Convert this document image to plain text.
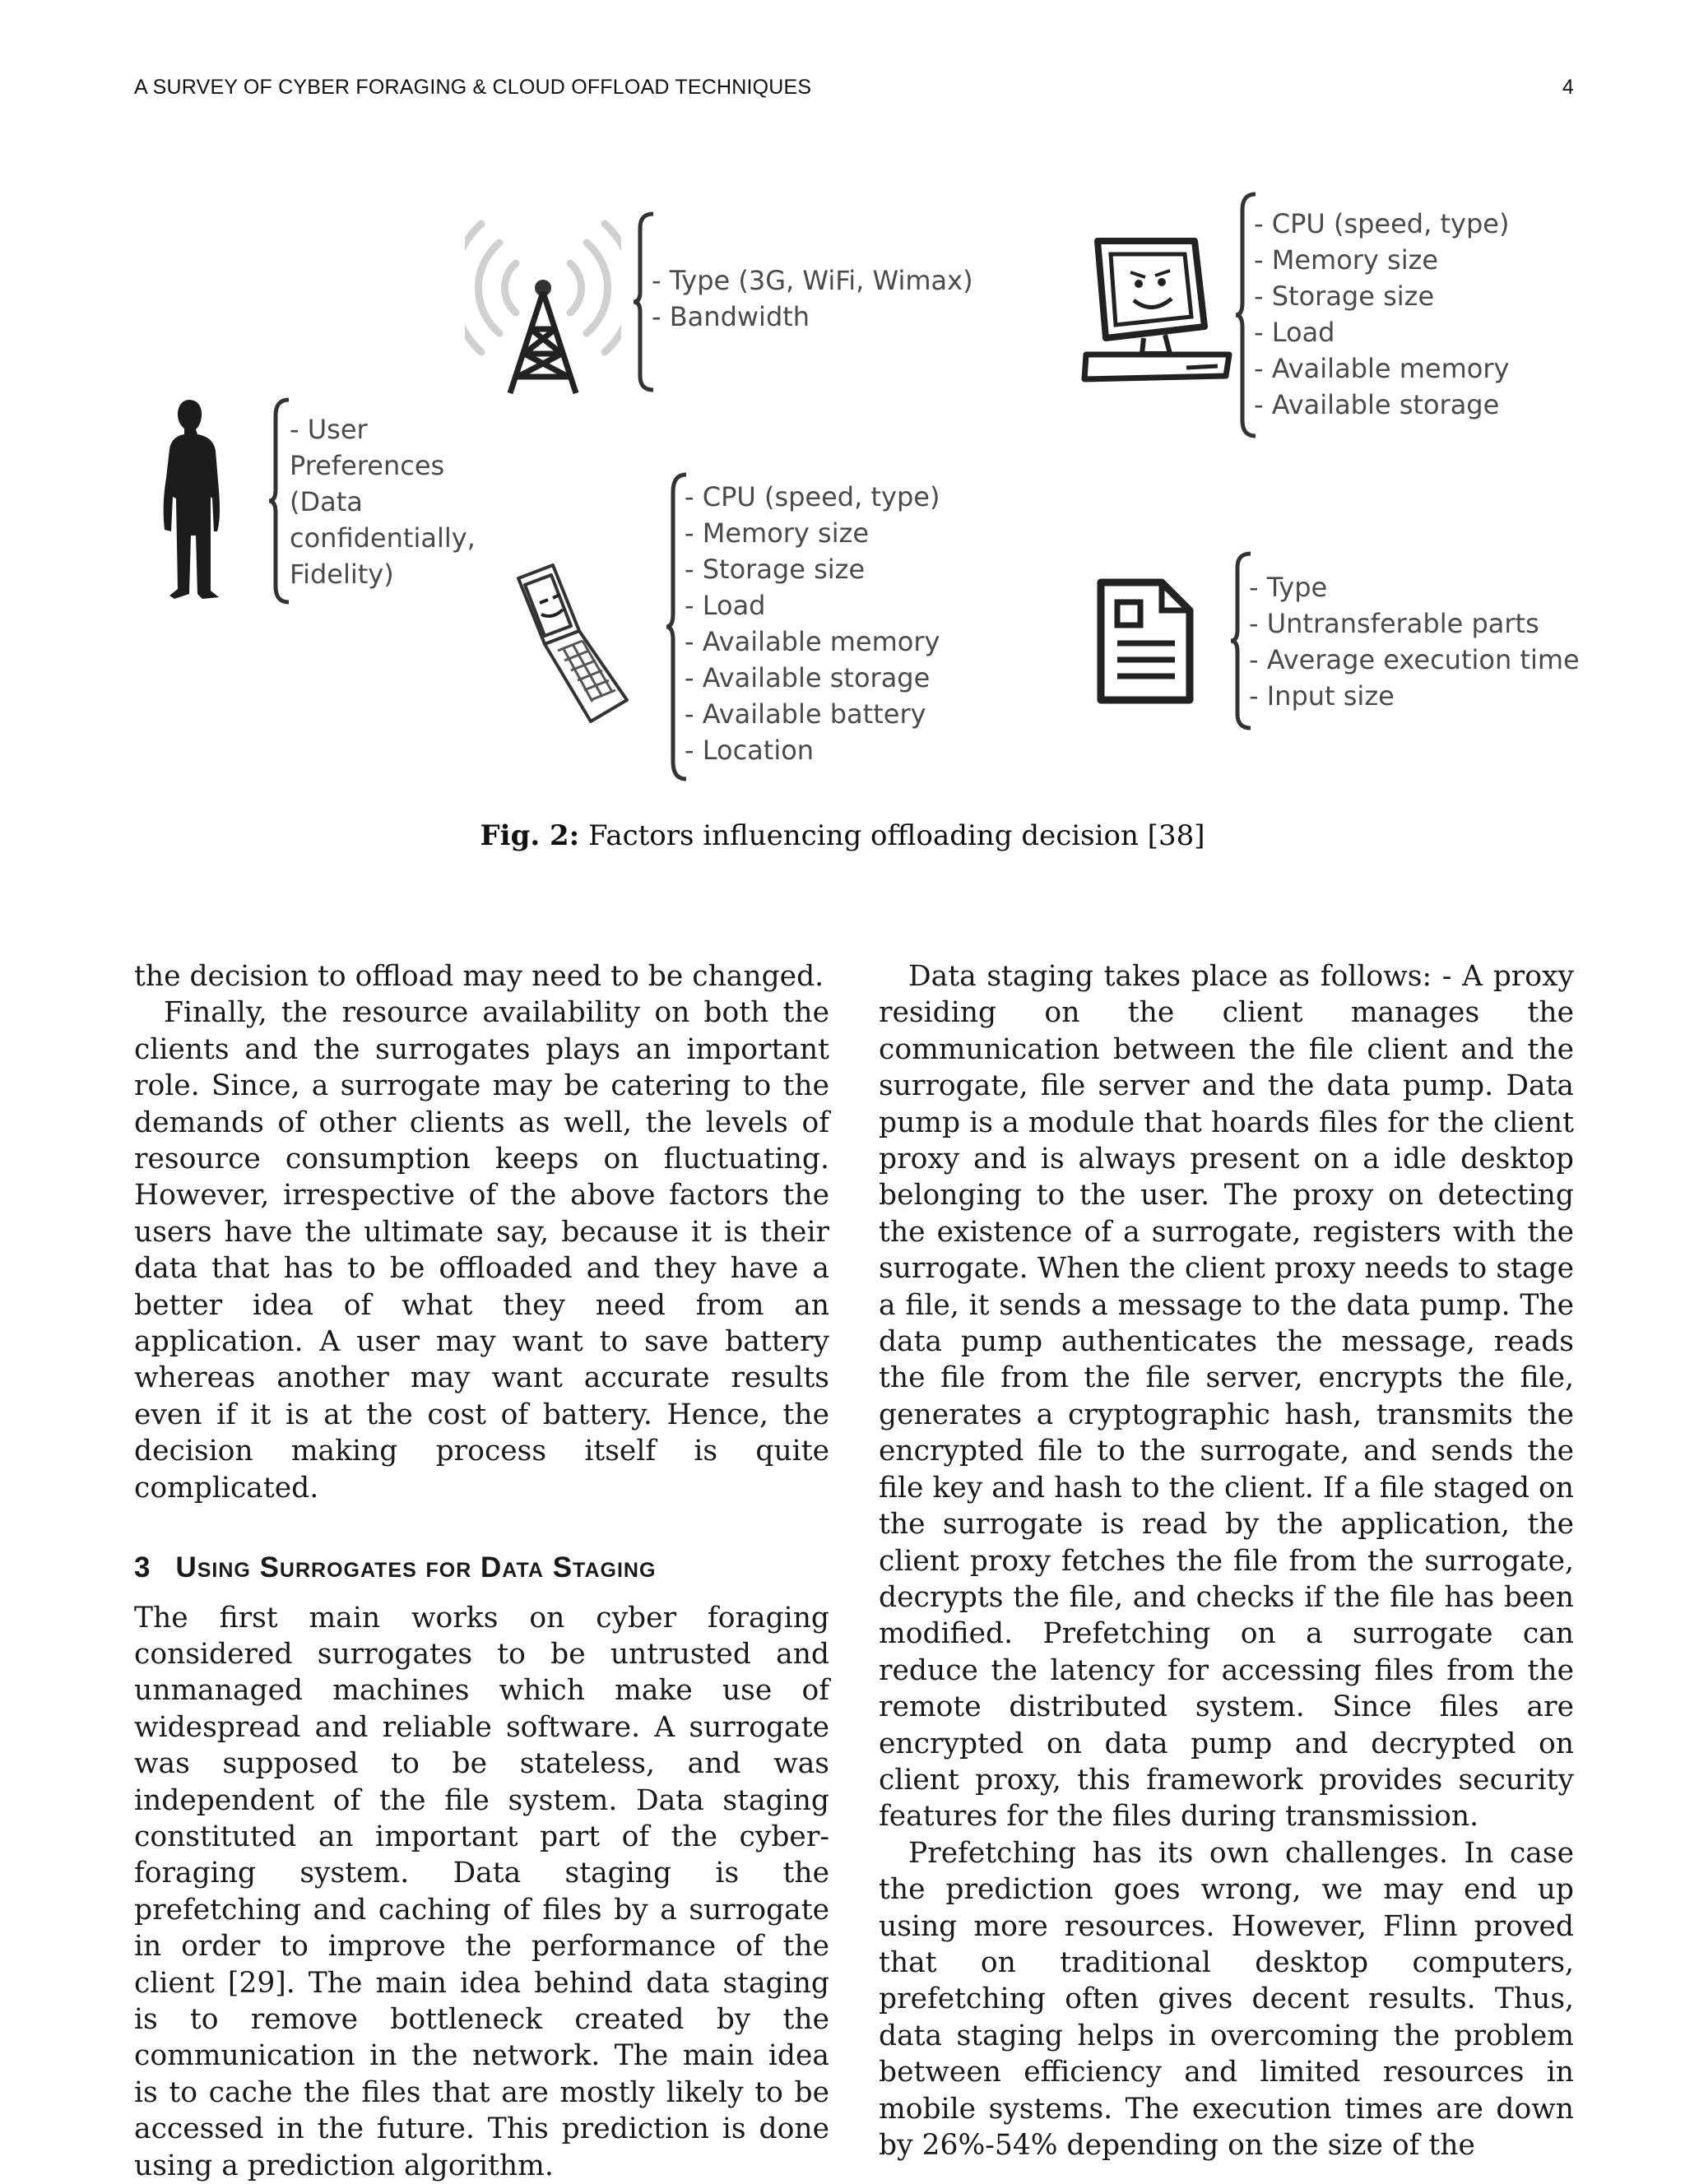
A SURVEY OF CYBER FORAGING & CLOUD OFFLOAD TECHNIQUES	4
- Type (3G, WiFi, Wimax)
- Bandwidth
- CPU (speed, type)
- Memory size
- Storage size
- Load
- Available memory
- Available storage
- User
Preferences
(Data
confidentially,
Fidelity)
- CPU (speed, type)
- Memory size
- Storage size
- Load
- Available memory
- Available storage
- Available battery
- Location
- Type
- Untransferable parts
- Average execution time
- Input size
Fig. 2: Factors influencing offloading decision [38]

the decision to offload may need to be changed.

Finally, the resource availability on both the clients and the surrogates plays an important role. Since, a surrogate may be catering to the demands of other clients as well, the levels of resource consumption keeps on fluctuating. However, irrespective of the above factors the users have the ultimate say, because it is their data that has to be offloaded and they have a better idea of what they need from an application. A user may want to save battery whereas another may want accurate results even if it is at the cost of battery. Hence, the decision making process itself is quite complicated.

3 Using Surrogates for Data Staging

The first main works on cyber foraging considered surrogates to be untrusted and unmanaged machines which make use of widespread and reliable software. A surrogate was supposed to be stateless, and was independent of the file system. Data staging constituted an important part of the cyberforaging system. Data staging is the prefetching and caching of files by a surrogate in order to improve the performance of the client [29]. The main idea behind data staging is to remove bottleneck created by the communication in the network. The main idea is to cache the files that are mostly likely to be accessed in the future. This prediction is done using a prediction algorithm.

Data staging takes place as follows: - A proxy residing on the client manages the communication between the file client and the surrogate, file server and the data pump. Data pump is a module that hoards files for the client proxy and is always present on a idle desktop belonging to the user. The proxy on detecting the existence of a surrogate, registers with the surrogate. When the client proxy needs to stage a file, it sends a message to the data pump. The data pump authenticates the message, reads the file from the file server, encrypts the file, generates a cryptographic hash, transmits the encrypted file to the surrogate, and sends the file key and hash to the client. If a file staged on the surrogate is read by the application, the client proxy fetches the file from the surrogate, decrypts the file, and checks if the file has been modified. Prefetching on a surrogate can reduce the latency for accessing files from the remote distributed system. Since files are encrypted on data pump and decrypted on client proxy, this framework provides security features for the files during transmission.

Prefetching has its own challenges. In case the prediction goes wrong, we may end up using more resources. However, Flinn proved that on traditional desktop computers, prefetching often gives decent results. Thus, data staging helps in overcoming the problem between efficiency and limited resources in mobile systems. The execution times are down by 26%-54% depending on the size of the
